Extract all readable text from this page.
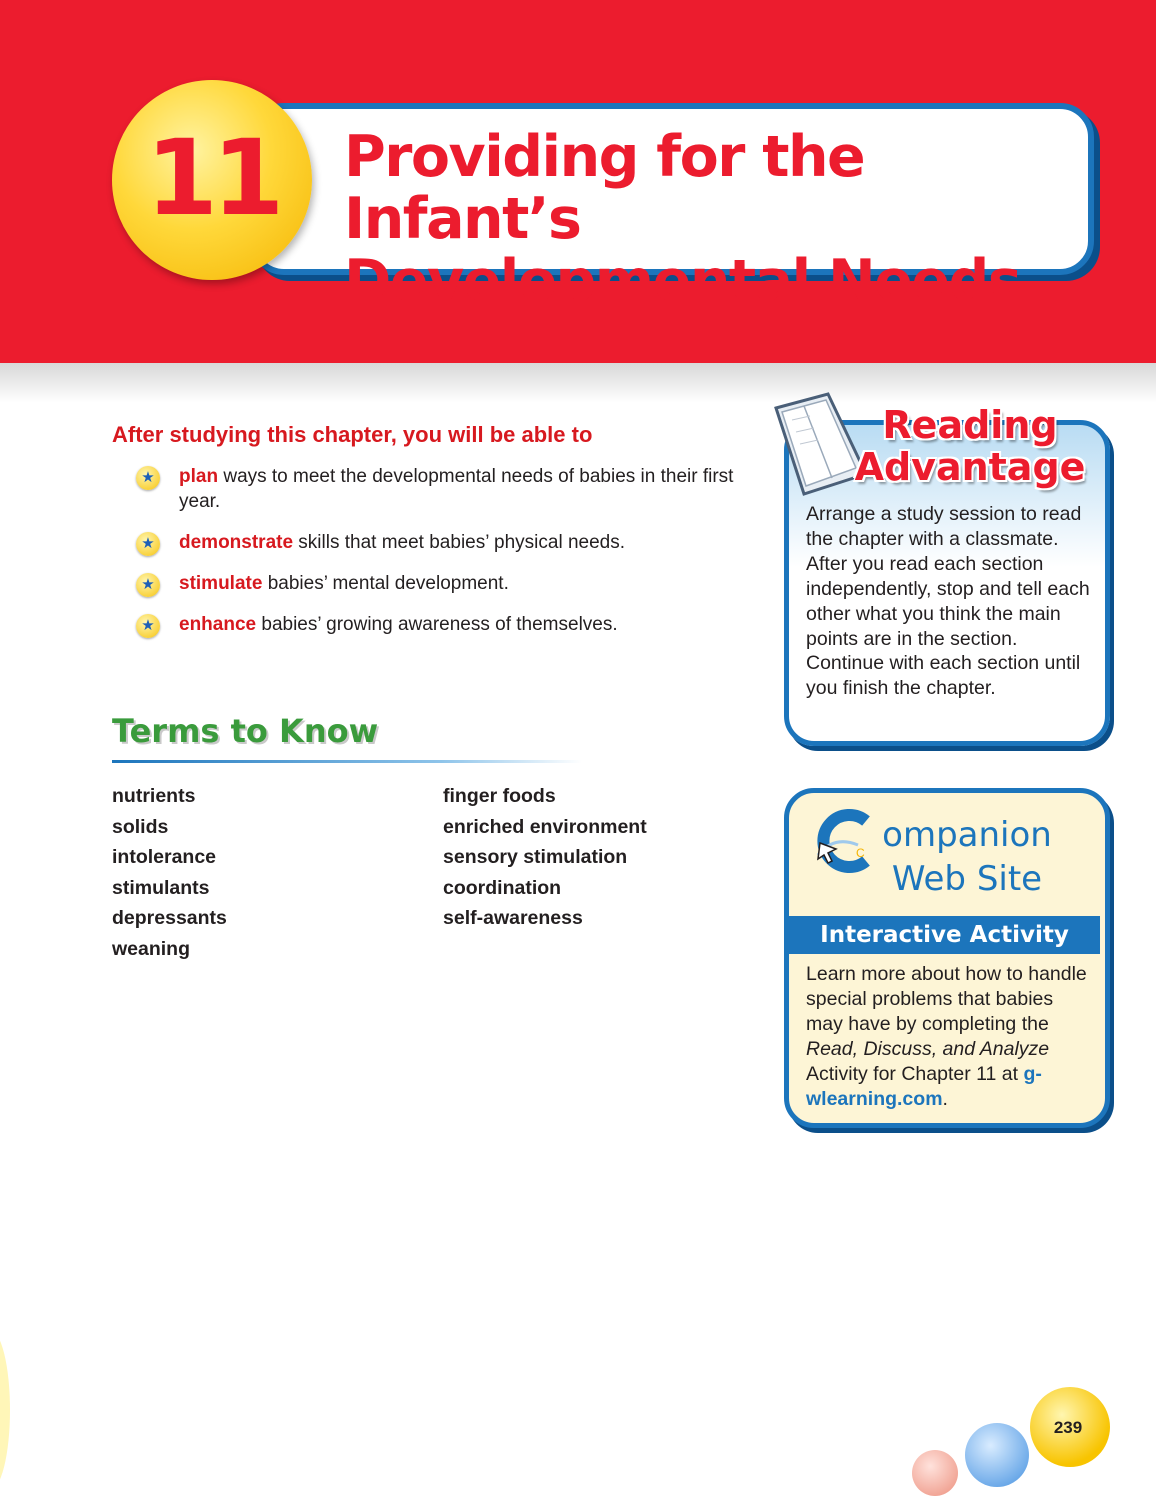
Providing for the Infant’s
Developmental Needs
11
After studying this chapter, you will be able to
★ plan ways to meet the developmental needs of babies in their first year.
★ demonstrate skills that meet babies’ physical needs.
★ stimulate babies’ mental development.
★ enhance babies’ growing awareness of themselves.
Terms to Know
nutrients
solids
intolerance
stimulants
depressants
weaning
finger foods
enriched environment
sensory stimulation
coordination
self-awareness
Reading
Advantage
Arrange a study session to read the chapter with a classmate. After you read each section independently, stop and tell each other what you think the main points are in the section. Continue with each section until you finish the chapter.
C ompanion
Web Site
Interactive Activity
Learn more about how to handle special problems that babies may have by completing the Read, Discuss, and Analyze Activity for Chapter 11 at g-wlearning.com.
239
